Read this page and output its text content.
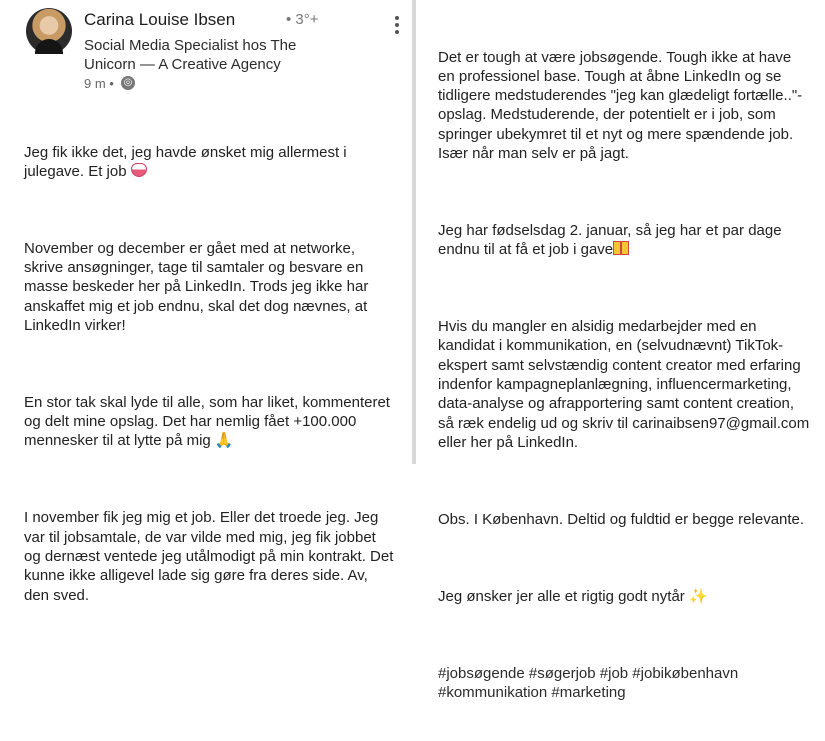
Carina Louise Ibsen	• 3°+
Social Media Specialist hos The Unicorn — A Creative Agency
9 m • ◎

Jeg fik ikke det, jeg havde ønsket mig allermest i julegave. Et job

November og december er gået med at networke, skrive ansøgninger, tage til samtaler og besvare en masse beskeder her på LinkedIn. Trods jeg ikke har anskaffet mig et job endnu, skal det dog nævnes, at LinkedIn virker!

En stor tak skal lyde til alle, som har liket, kommenteret og delt mine opslag. Det har nemlig fået +100.000 mennesker til at lytte på mig 🙏

I november fik jeg mig et job. Eller det troede jeg. Jeg var til jobsamtale, de var vilde med mig, jeg fik jobbet og dernæst ventede jeg utålmodigt på min kontrakt. Det kunne ikke alligevel lade sig gøre fra deres side. Av, den sved.

Det er tough at være jobsøgende. Tough ikke at have en professionel base. Tough at åbne LinkedIn og se tidligere medstuderendes "jeg kan glædeligt fortælle.."-opslag. Medstuderende, der potentielt er i job, som springer ubekymret til et nyt og mere spændende job. Især når man selv er på jagt.

Jeg har fødselsdag 2. januar, så jeg har et par dage endnu til at få et job i gave

Hvis du mangler en alsidig medarbejder med en kandidat i kommunikation, en (selvudnævnt) TikTok-ekspert samt selvstændig content creator med erfaring indenfor kampagneplanlægning, influencermarketing, data-analyse og afrapportering samt content creation, så ræk endelig ud og skriv til carinaibsen97@gmail.com eller her på LinkedIn.

Obs. I København. Deltid og fuldtid er begge relevante.

Jeg ønsker jer alle et rigtig godt nytår ✨

#jobsøgende #søgerjob #job #jobikøbenhavn #kommunikation #marketing
